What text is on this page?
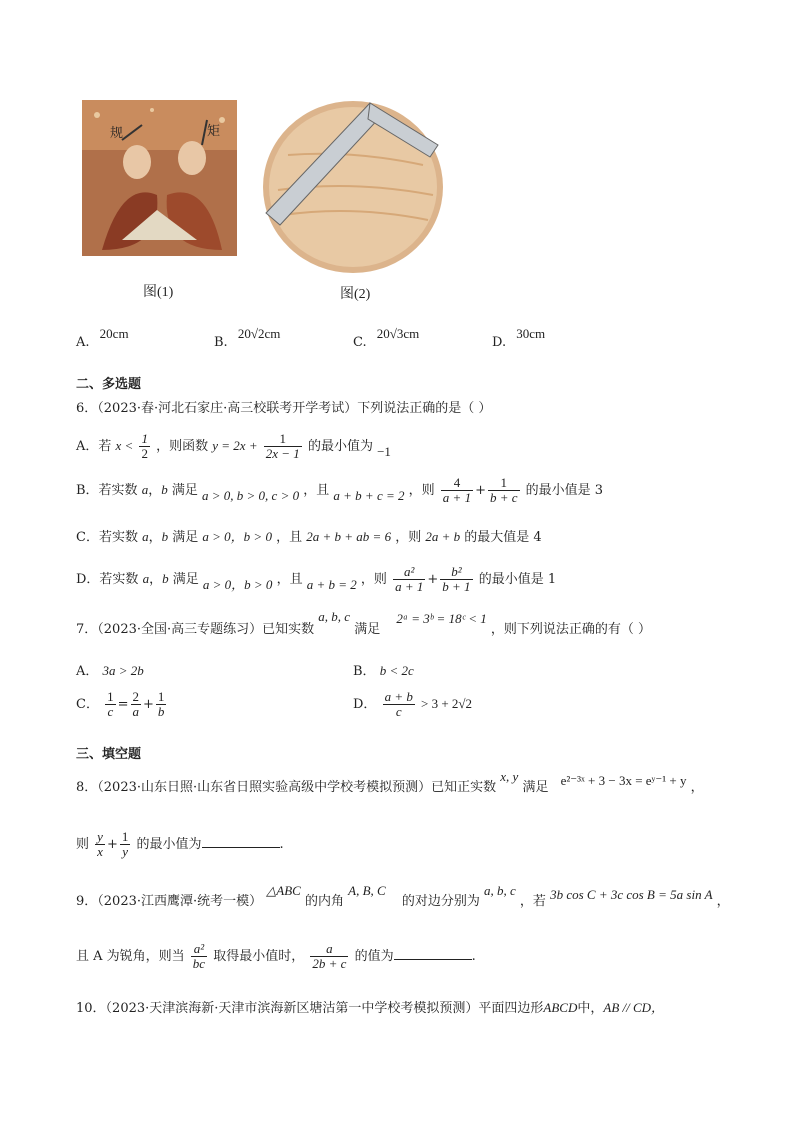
规	矩
图(1)	图(2)
A. 20cm
B. 20√2cm
C. 20√3cm
D. 30cm
二、多选题
6．（2023·春·河北石家庄·高三校联考开学考试）下列说法正确的是（ ）
A．若 $x < \frac{1}{2}$ ，则函数 $y = 2x + \frac{1}{2x - 1}$ 的最小值为 −1
B．若实数 a，b 满足 a > 0, b > 0, c > 0 ，且 a + b + c = 2 ，则 $\frac{4}{a + 1} + \frac{1}{b + c}$ 的最小值是 3
C．若实数 a，b 满足 a > 0，b > 0 ，且 2a + b + ab = 6 ，则 2a + b 的最大值是 4
D．若实数 a，b 满足 a > 0，b > 0 ，且 a + b = 2 ，则 $\frac{\text{a²}}{a + 1} + \frac{\text{b²}}{b + 1}$ 的最小值是 1
7．（2023·全国·高三专题练习）已知实数 a, b, c 满足 2ᵃ = 3ᵇ = 18ᶜ < 1 ，则下列说法正确的有（ ）
A． 3a > 2b	B． b < 2c
C． $\frac{1}{c} = \frac{2}{a} + \frac{1}{b}$	D． $\frac{a + b}{c} > 3 + 2√2$
三、填空题
8．（2023·山东日照·山东省日照实验高级中学校考模拟预测）已知正实数 x, y 满足 e²⁻³ˣ + 3 − 3x = eʸ⁻¹ + y ，
则 $\frac{y}{x} + \frac{1}{y}$ 的最小值为	.
9．（2023·江西鹰潭·统考一模） △ABC 的内角 A, B, C 的对边分别为 a, b, c ，若 3b cos C + 3c cos B = 5a sin A ，
且 A 为锐角，则当 $\frac{\text{a²}}{bc}$ 取得最小值时， $\frac{a}{2b + c}$ 的值为	.
10．（2023·天津滨海新·天津市滨海新区塘沽第一中学校考模拟预测）平面四边形ABCD中，AB // CD，
